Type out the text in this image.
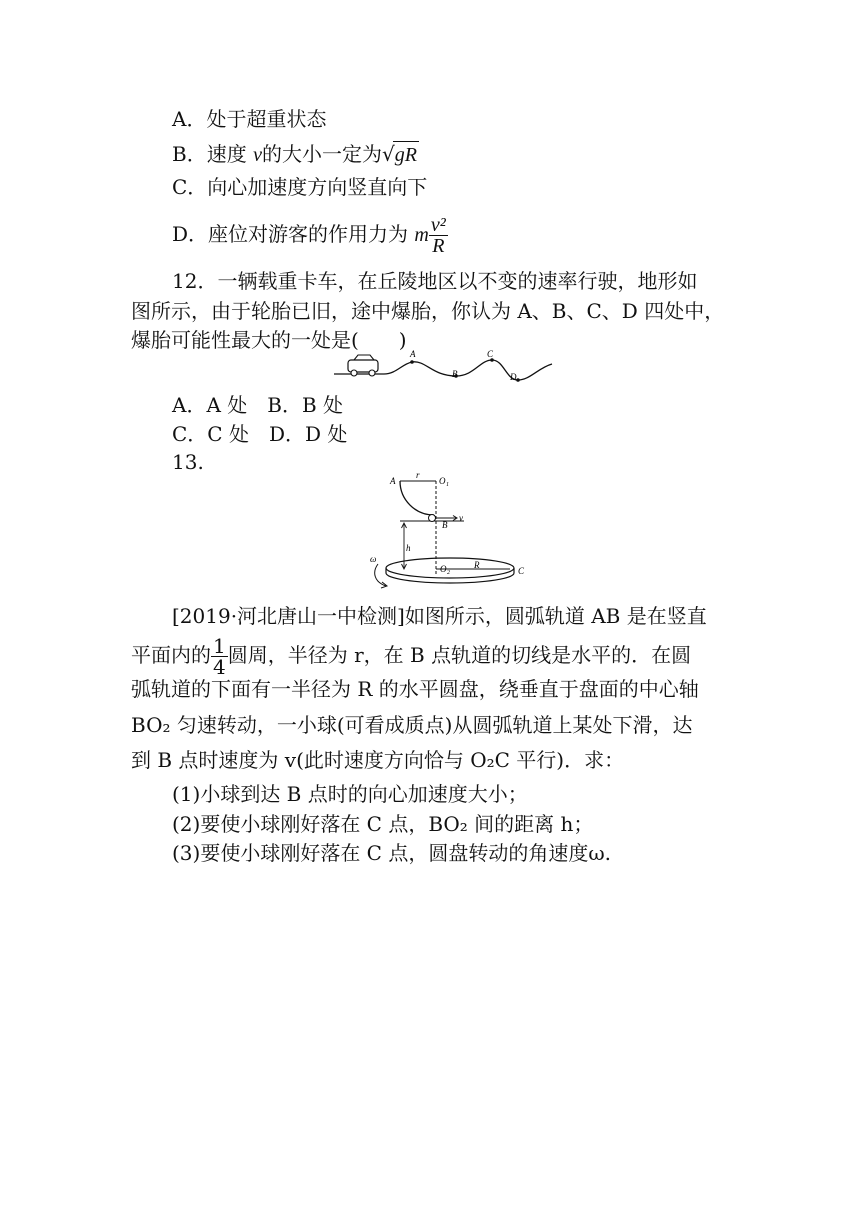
A．处于超重状态
B．速度 v的大小一定为√gR
C．向心加速度方向竖直向下
D．座位对游客的作用力为 m $\frac{\text{v²}}{R}$
12．一辆载重卡车，在丘陵地区以不变的速率行驶，地形如
图所示，由于轮胎已旧，途中爆胎，你认为 A、B、C、D 四处中，
爆胎可能性最大的一处是(　　)
A
B
C
D
A．A 处　 B．B 处
C．C 处　 D．D 处
13.
A
r
O 1
B
v
h
ω
O 2
R
C
[2019·河北唐山一中检测]如图所示，圆弧轨道 AB 是在竖直
平面内的 $\frac{1}{4}$ 圆周，半径为 r，在 B 点轨道的切线是水平的．在圆
弧轨道的下面有一半径为 R 的水平圆盘，绕垂直于盘面的中心轴
BO₂ 匀速转动，一小球(可看成质点)从圆弧轨道上某处下滑，达
到 B 点时速度为 v(此时速度方向恰与 O₂C 平行)．求：
(1)小球到达 B 点时的向心加速度大小；
(2)要使小球刚好落在 C 点，BO₂ 间的距离 h；
(3)要使小球刚好落在 C 点，圆盘转动的角速度ω.
